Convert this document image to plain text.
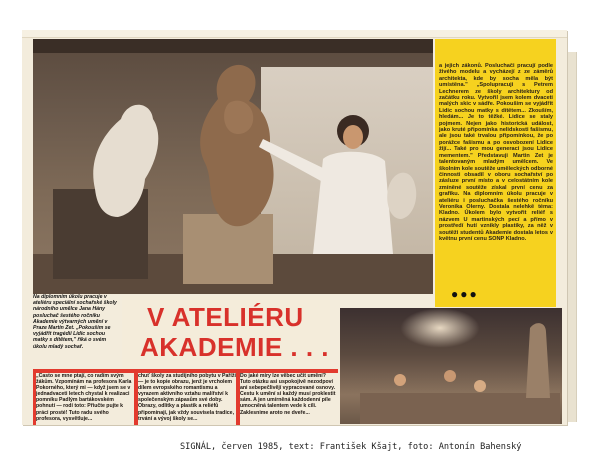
a jejich zákonů. Posluchači pracují podle živého modelu a vycházejí z ze záměrů architekta, kde by socha měla být umístěna." „Spolupracuji s Petrem Lechnerem ze školy architektury od začátku roku. Vytvořil jsem kolem dvaceti malých skic v sádře. Pokoušim se vyjádřit Lidic sochou matky s dítětem... Zkouším, hledám... Je to těžké. Lidice se staly pojmem. Nejen jako historická událost, jako kruté připomínka nelidskosti fašismu, ale jsou také trvalou připomínkou, že po porážce fašismu a po osvobození Lidice žijí... Také pro mou generaci jsou Lidice mementem." Představuji Martin Zet je talentovaným mladým umělcem. Ve školním kole soutěže uměleckých odborné činnosti obsadil v oboru sochařství po zásluze první místo a v celostátním kole zmíněné soutěže získal první cenu za grafiku. Na diplomním úkolu pracuje v ateliéru i posluchačka šestého ročníku Veronika Olerny. Dostala nelehkě téma: Kladno. Úkolem bylo vytvořit reliéf s názvem U martinských pecí a přímo v prostředí hutí vznikly plastiky, za něž v soutěži studentů Akademie dostala letos v květnu první cenu SONP Kladno.
●●●
Na diplomním úkolu pracuje v ateliéru speciální sochařské školy národního umělce Jana Hány posluchač šestého ročníku Akademie výtvarných umění v Praze Martin Zet. „Pokoušim se vyjádřit tragédii Lidic sochou matky s dítětem," říká o svém úkolu mladý sochař.
V ATELIÉRU
AKADEMIE . . .
„Často se mne ptají, co radím svým žákům. Vzpomínám na profesora Karla Pokorného, který mi — když jsem se v jednadvaceti letech chystal k realizaci pomníku Padlým bartákovském pohnutí — rodí toto: Přiučte pujte k práci prosté! Tuto radu svého profesora, vysvětluje...
chuť školy za studijního pobytu v Paříži — je to kopie obrazu, jenž je vrcholem dílem evropského romantismu a vyrazem aktivního vztahu malířství k společenským zápasům své doby. Obrazy, odlitky a plastik a reliéfů připomínají, jak vždy souvisela tradice, trvání a vývoj školy se...
Do jaké míry lze věbec učit umění? Tuto otázku asi uspokojivě nezodpoví ani sebepečlivějí vypracované osnovy. Cestu k umění si každý musí proklestit sám. A jen umírněná každodenní píle umocněná talentem vede k cíli. Zaklesnime aroto ne dveře...
SIGNÁL, červen 1985, text: František Kšajt, foto: Antonín Bahenský
